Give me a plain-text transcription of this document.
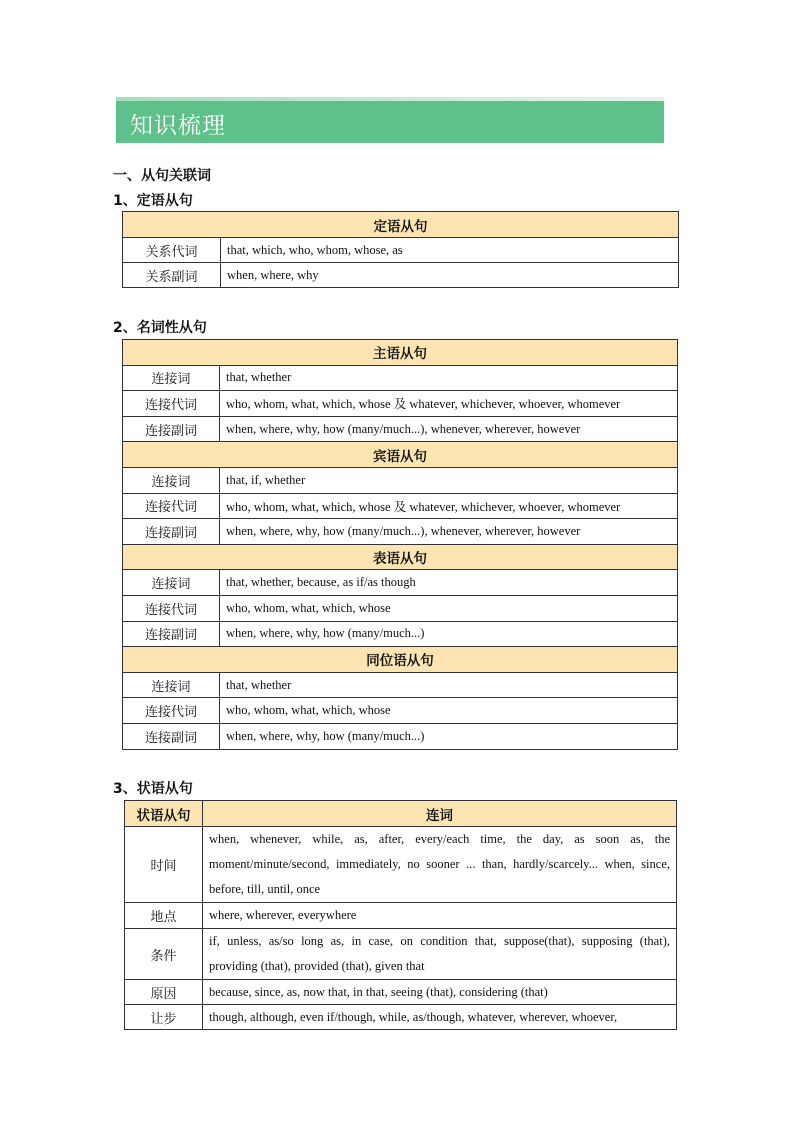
知识梳理
一、从句关联词
1、定语从句
定语从句	
关系代词	that, which, who, whom, whose, as
关系副词	when, where, why
2、名词性从句
主语从句	
连接词	that, whether
连接代词	who, whom, what, which, whose 及 whatever, whichever, whoever, whomever
连接副词	when, where, why, how (many/much...), whenever, wherever, however
宾语从句	
连接词	that, if, whether
连接代词	who, whom, what, which, whose 及 whatever, whichever, whoever, whomever
连接副词	when, where, why, how (many/much...), whenever, wherever, however
表语从句	
连接词	that, whether, because, as if/as though
连接代词	who, whom, what, which, whose
连接副词	when, where, why, how (many/much...)
同位语从句	
连接词	that, whether
连接代词	who, whom, what, which, whose
连接副词	when, where, why, how (many/much...)
3、状语从句
状语从句	连词
时间	when, whenever, while, as, after, every/each time, the day, as soon as, the moment/minute/second, immediately, no sooner ... than, hardly/scarcely... when, since, before, till, until, once
地点	where, wherever, everywhere
条件	if, unless, as/so long as, in case, on condition that, suppose(that), supposing (that), providing (that), provided (that), given that
原因	because, since, as, now that, in that, seeing (that), considering (that)
让步	though, although, even if/though, while, as/though, whatever, wherever, whoever,
